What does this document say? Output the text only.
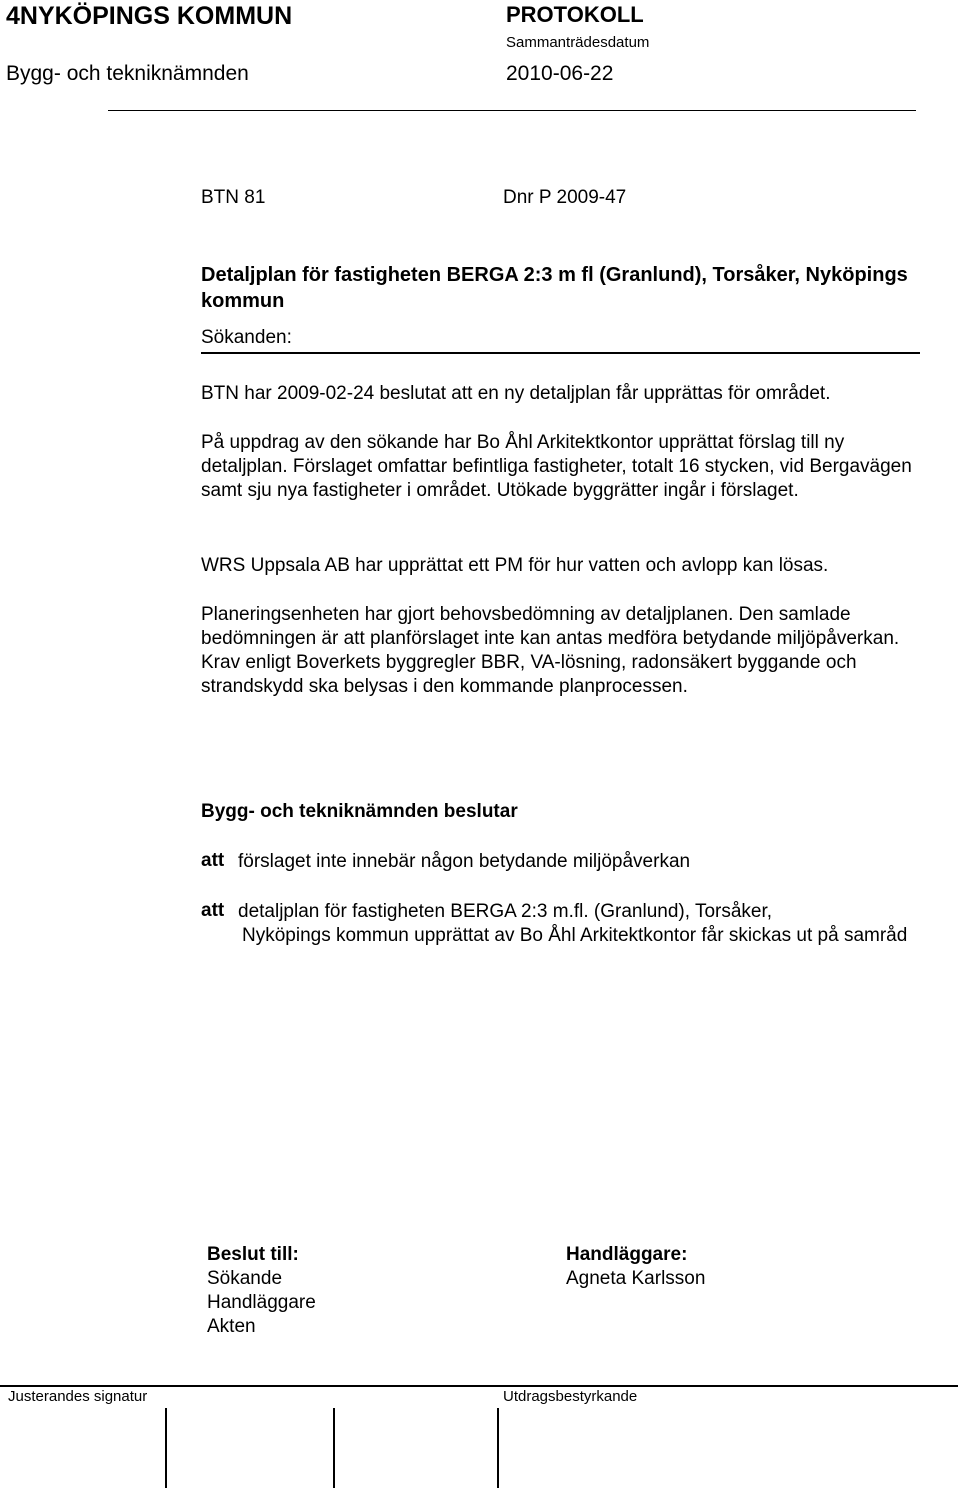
4NYKÖPINGS KOMMUN	PROTOKOLL
Sammanträdesdatum
Bygg- och tekniknämnden	2010-06-22
BTN 81	Dnr P 2009-47
Detaljplan för fastigheten BERGA 2:3 m fl (Granlund), Torsåker, Nyköpings kommun
Sökanden:
BTN har 2009-02-24 beslutat att en ny detaljplan får upprättas för området.
På uppdrag av den sökande har Bo Åhl Arkitektkontor upprättat förslag till ny detaljplan. Förslaget omfattar befintliga fastigheter, totalt 16 stycken, vid Bergavägen samt sju nya fastigheter i området. Utökade byggrätter ingår i förslaget.
WRS Uppsala AB har upprättat ett PM för hur vatten och avlopp kan lösas.
Planeringsenheten har gjort behovsbedömning av detaljplanen. Den samlade bedömningen är att planförslaget inte kan antas medföra betydande miljöpåverkan. Krav enligt Boverkets byggregler BBR, VA-lösning, radonsäkert byggande och strandskydd ska belysas i den kommande planprocessen.
Bygg- och tekniknämnden beslutar
att förslaget inte innebär någon betydande miljöpåverkan
att detaljplan för fastigheten BERGA 2:3 m.fl. (Granlund), Torsåker,
Nyköpings kommun upprättat av Bo Åhl Arkitektkontor får skickas ut på samråd
Beslut till:
Sökande
Handläggare
Akten
Handläggare:
Agneta Karlsson
Justerandes signatur	Utdragsbestyrkande
